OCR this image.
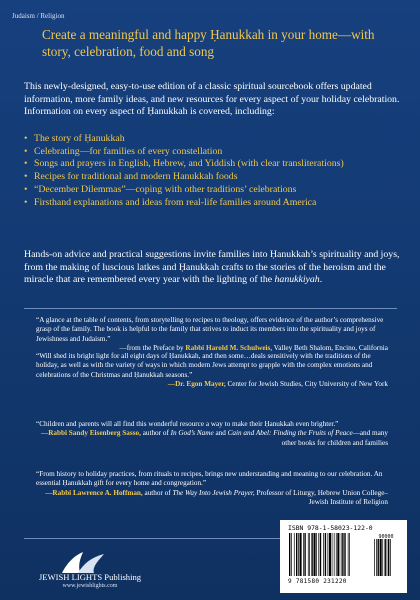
Judaism / Religion
Create a meaningful and happy Ḥanukkah in your home—with story, celebration, food and song

This newly-designed, easy-to-use edition of a classic spiritual sourcebook offers updated information, more family ideas, and new resources for every aspect of your holiday celebration. Information on every aspect of Ḥanukkah is covered, including:

• The story of Ḥanukkah
• Celebrating—for families of every constellation
• Songs and prayers in English, Hebrew, and Yiddish (with clear transliterations)
• Recipes for traditional and modern Ḥanukkah foods
• “December Dilemmas”—coping with other traditions’ celebrations
• Firsthand explanations and ideas from real-life families around America

Hands-on advice and practical suggestions invite families into Ḥanukkah’s spirituality and joys, from the making of luscious latkes and Ḥanukkah crafts to the stories of the heroism and the miracle that are remembered every year with the lighting of the hanukkiyah.

“A glance at the table of contents, from storytelling to recipes to theology, offers evidence of the author’s comprehensive grasp of the family. The book is helpful to the family that strives to induct its members into the spirituality and joys of Jewishness and Judaism.”

—from the Preface by Rabbi Harold M. Schulweis, Valley Beth Shalom, Encino, California

“Will shed its bright light for all eight days of Ḥanukkah, and then some…deals sensitively with the traditions of the holiday, as well as with the variety of ways in which modern Jews attempt to grapple with the complex emotions and celebrations of the Christmas and Ḥanukkah seasons.”

—Dr. Egon Mayer, Center for Jewish Studies, City University of New York

“Children and parents will all find this wonderful resource a way to make their Ḥanukkah even brighter.”

—Rabbi Sandy Eisenberg Sasso, author of In God’s Name and Cain and Abel: Finding the Fruits of Peace—and many other books for children and families

“From history to holiday practices, from rituals to recipes, brings new understanding and meaning to our celebration. An essential Ḥanukkah gift for every home and congregation.”

—Rabbi Lawrence A. Hoffman, author of The Way Into Jewish Prayer, Professor of Liturgy, Hebrew Union College–Jewish Institute of Religion

JEWISH LIGHTS Publishing
www.jewishlights.com
ISBN 978-1-58023-122-0
90000
9 781580 231220
